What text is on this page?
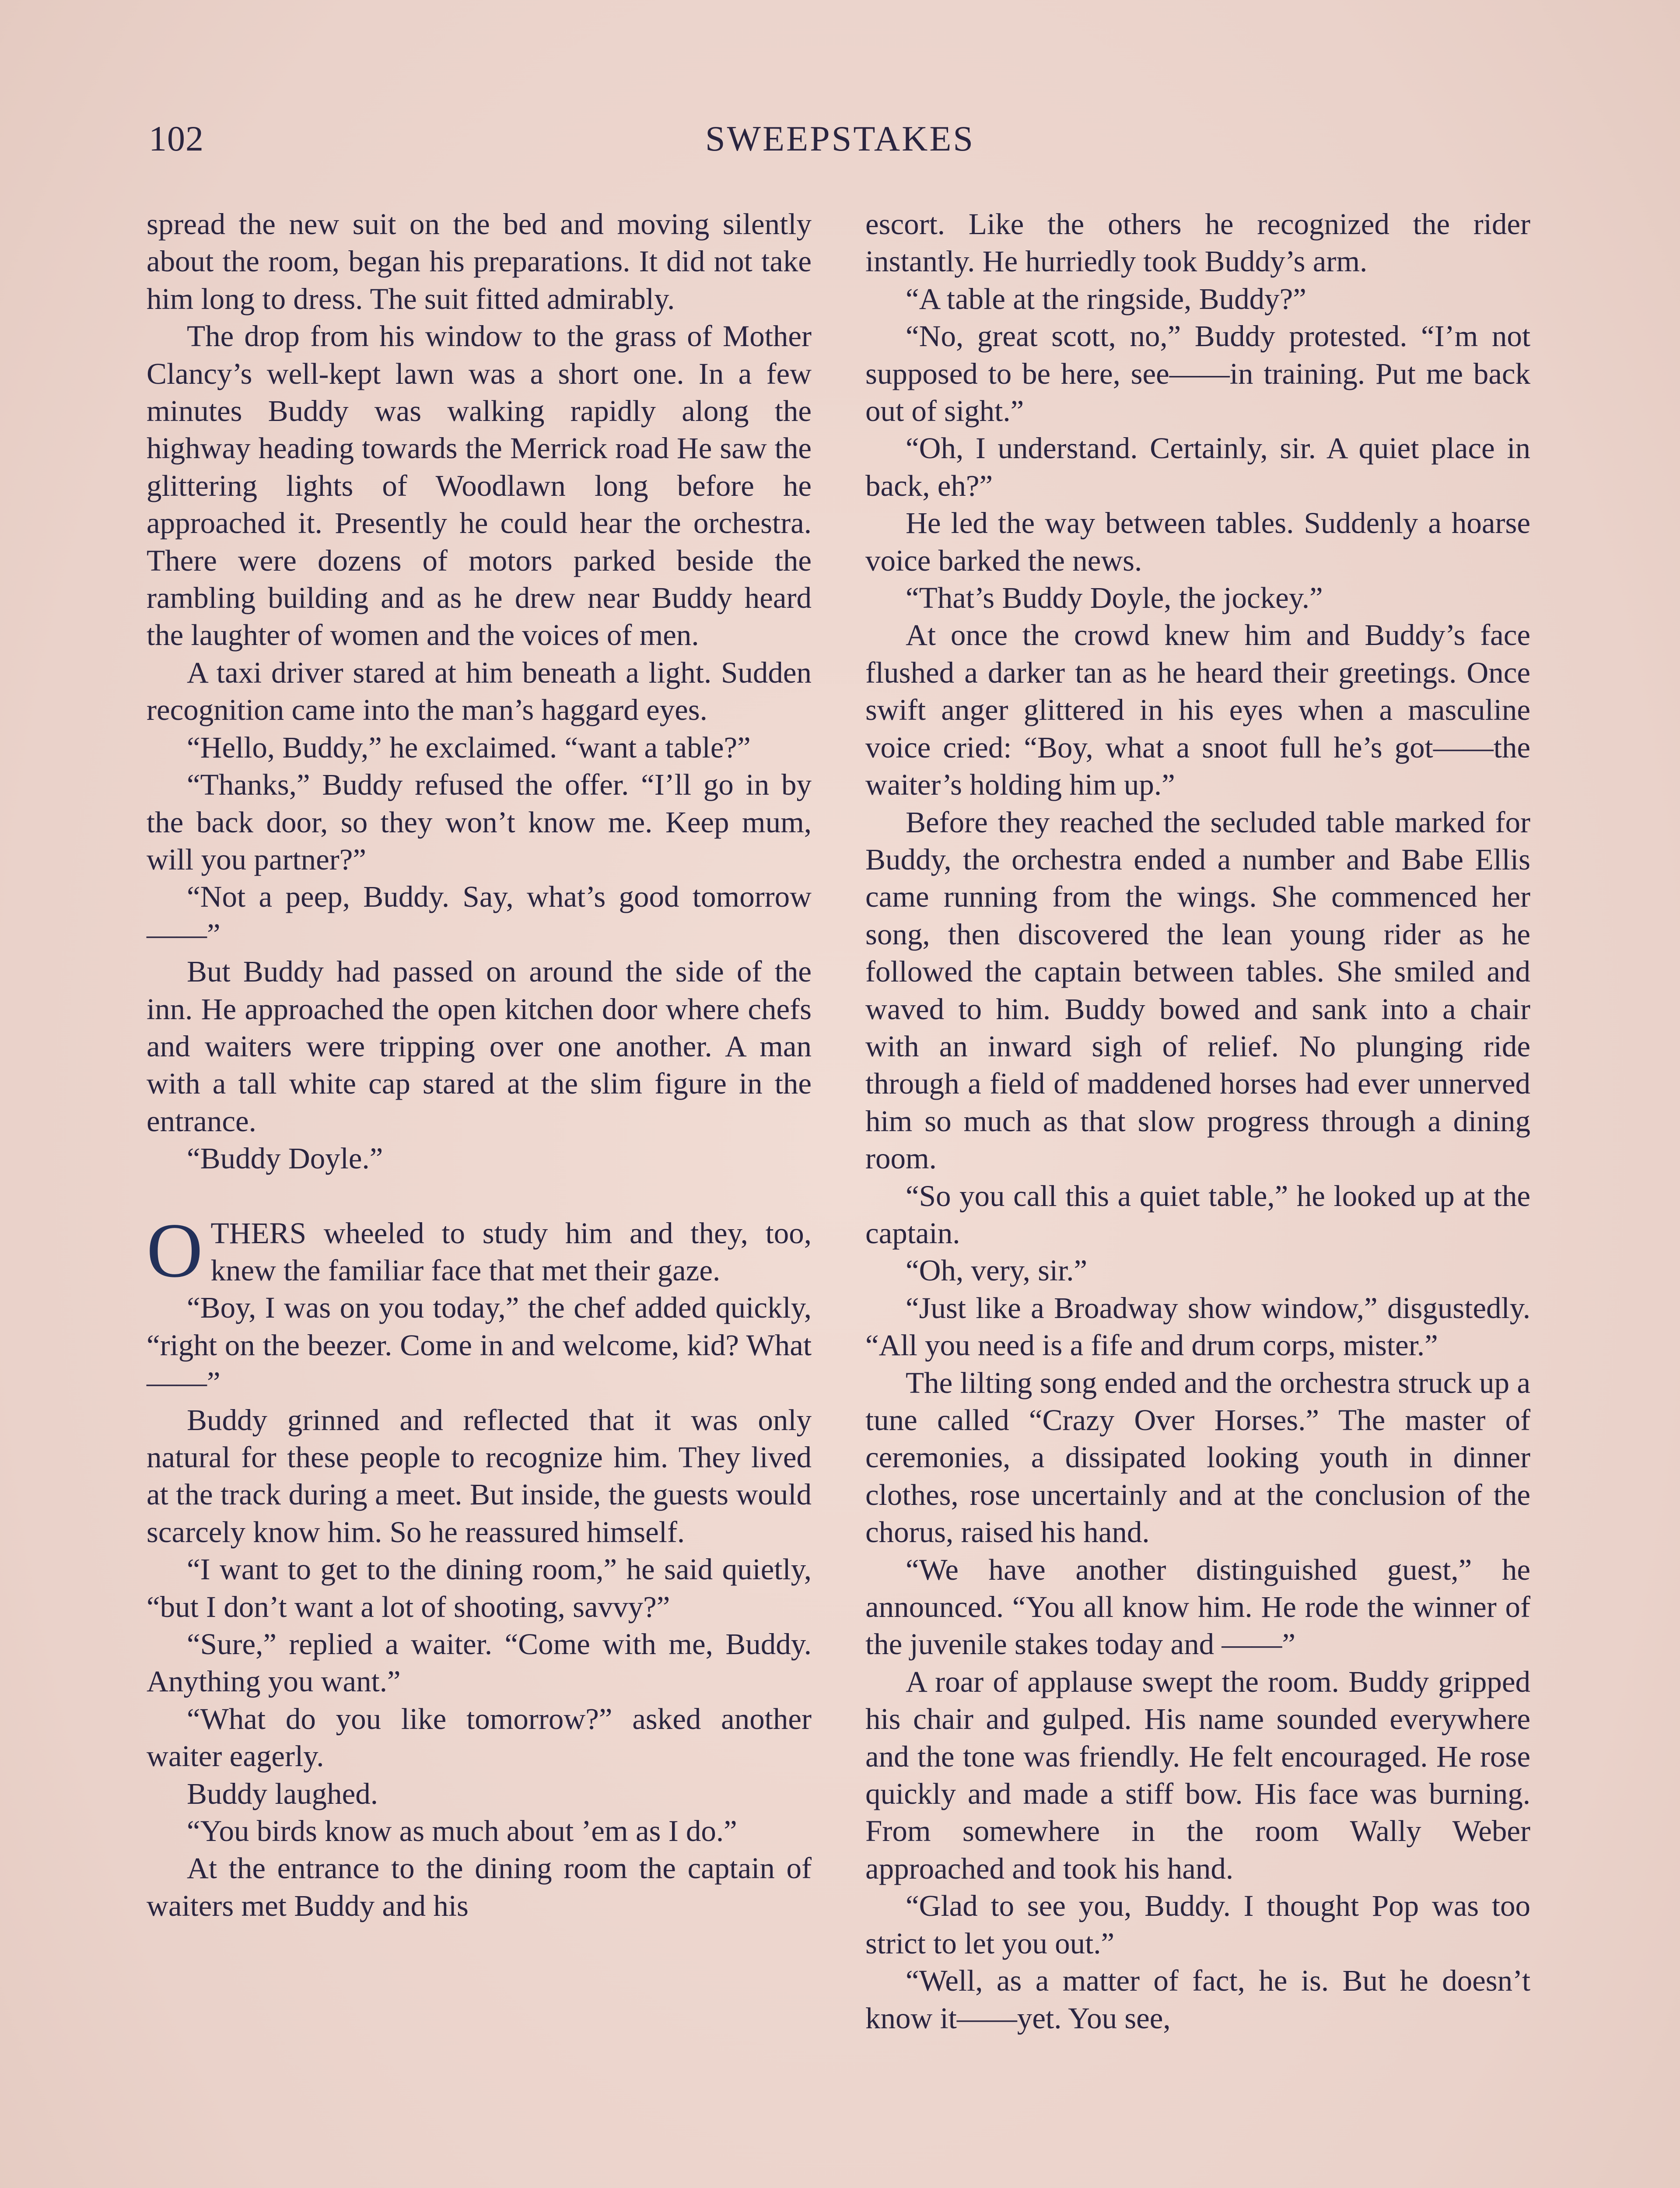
102	SWEEPSTAKES

spread the new suit on the bed and moving silently about the room, began his preparations. It did not take him long to dress. The suit fitted admirably.

The drop from his window to the grass of Mother Clancy’s well-kept lawn was a short one. In a few minutes Buddy was walking rapidly along the highway heading towards the Merrick road He saw the glittering lights of Woodlawn long before he approached it. Presently he could hear the orchestra. There were dozens of motors parked beside the rambling building and as he drew near Buddy heard the laughter of women and the voices of men.

A taxi driver stared at him beneath a light. Sudden recognition came into the man’s haggard eyes.

“Hello, Buddy,” he exclaimed. “want a table?”

“Thanks,” Buddy refused the offer. “I’ll go in by the back door, so they won’t know me. Keep mum, will you partner?”

“Not a peep, Buddy. Say, what’s good tomorrow——”

But Buddy had passed on around the side of the inn. He approached the open kitchen door where chefs and waiters were tripping over one another. A man with a tall white cap stared at the slim figure in the entrance.

“Buddy Doyle.”

OTHERS wheeled to study him and they, too, knew the familiar face that met their gaze.

“Boy, I was on you today,” the chef added quickly, “right on the beezer. Come in and welcome, kid? What——”

Buddy grinned and reflected that it was only natural for these people to recognize him. They lived at the track during a meet. But inside, the guests would scarcely know him. So he reassured himself.

“I want to get to the dining room,” he said quietly, “but I don’t want a lot of shooting, savvy?”

“Sure,” replied a waiter. “Come with me, Buddy. Anything you want.”

“What do you like tomorrow?” asked another waiter eagerly.

Buddy laughed.

“You birds know as much about ’em as I do.”

At the entrance to the dining room the captain of waiters met Buddy and his

escort. Like the others he recognized the rider instantly. He hurriedly took Buddy’s arm.

“A table at the ringside, Buddy?”

“No, great scott, no,” Buddy protested. “I’m not supposed to be here, see——in training. Put me back out of sight.”

“Oh, I understand. Certainly, sir. A quiet place in back, eh?”

He led the way between tables. Suddenly a hoarse voice barked the news.

“That’s Buddy Doyle, the jockey.”

At once the crowd knew him and Buddy’s face flushed a darker tan as he heard their greetings. Once swift anger glittered in his eyes when a masculine voice cried: “Boy, what a snoot full he’s got——the waiter’s holding him up.”

Before they reached the secluded table marked for Buddy, the orchestra ended a number and Babe Ellis came running from the wings. She commenced her song, then discovered the lean young rider as he followed the captain between tables. She smiled and waved to him. Buddy bowed and sank into a chair with an inward sigh of relief. No plunging ride through a field of maddened horses had ever unnerved him so much as that slow progress through a dining room.

“So you call this a quiet table,” he looked up at the captain.

“Oh, very, sir.”

“Just like a Broadway show window,” disgustedly. “All you need is a fife and drum corps, mister.”

The lilting song ended and the orchestra struck up a tune called “Crazy Over Horses.” The master of ceremonies, a dissipated looking youth in dinner clothes, rose uncertainly and at the conclusion of the chorus, raised his hand.

“We have another distinguished guest,” he announced. “You all know him. He rode the winner of the juvenile stakes today and ——”

A roar of applause swept the room. Buddy gripped his chair and gulped. His name sounded everywhere and the tone was friendly. He felt encouraged. He rose quickly and made a stiff bow. His face was burning. From somewhere in the room Wally Weber approached and took his hand.

“Glad to see you, Buddy. I thought Pop was too strict to let you out.”

“Well, as a matter of fact, he is. But he doesn’t know it——yet. You see,
